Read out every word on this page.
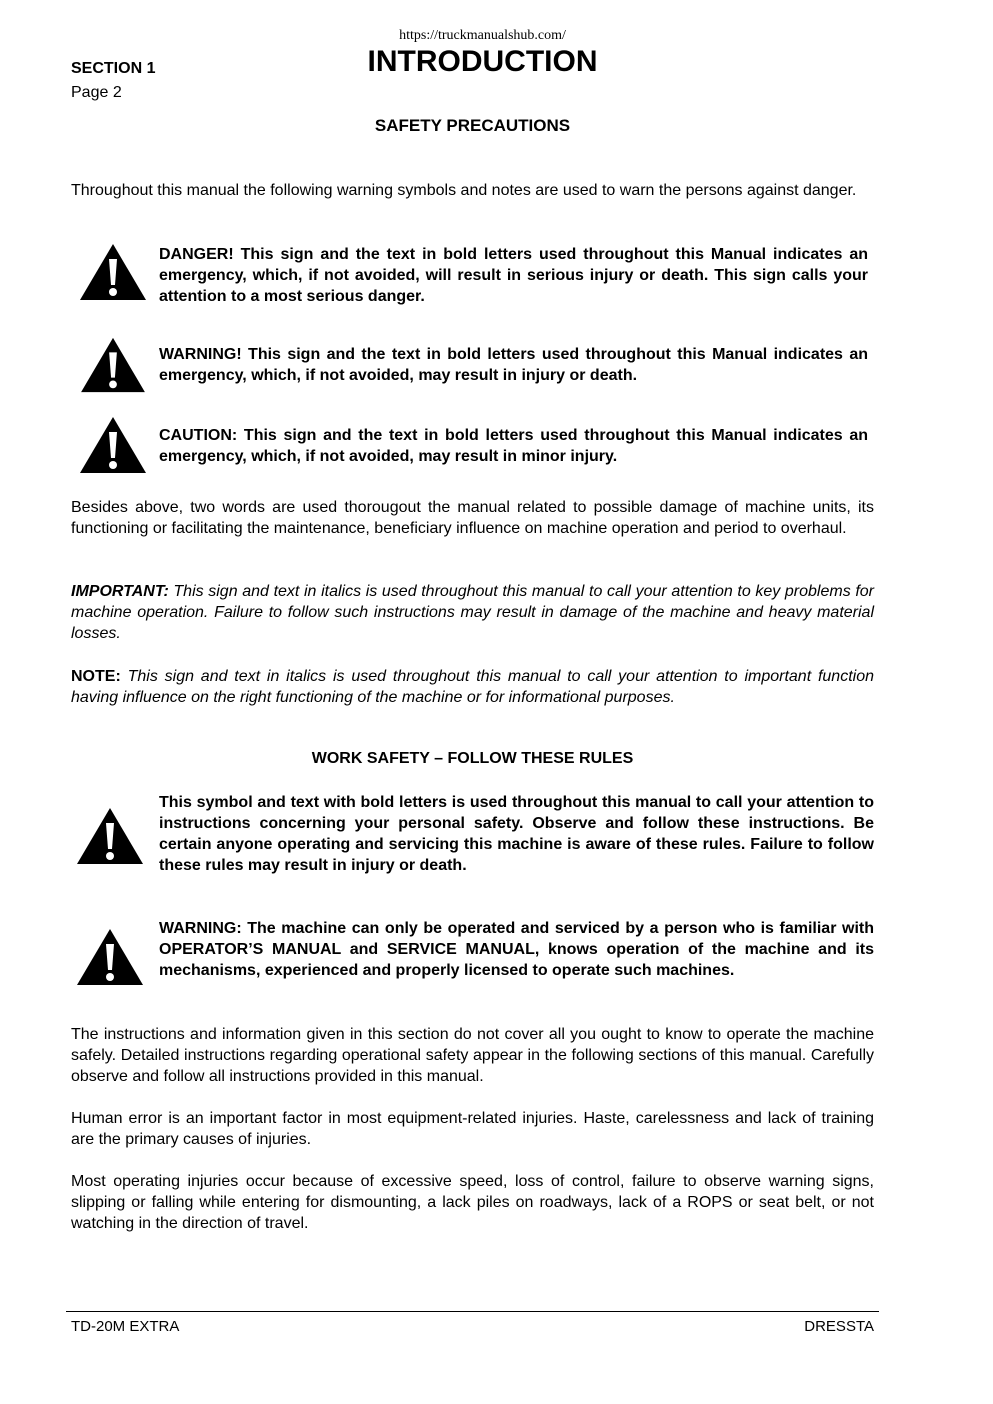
https://truckmanualshub.com/
SECTION 1
Page 2
INTRODUCTION
SAFETY PRECAUTIONS

Throughout this manual the following warning symbols and notes are used to warn the persons against danger.

DANGER! This sign and the text in bold letters used throughout this Manual indicates an emergency, which, if not avoided, will result in serious injury or death. This sign calls your attention to a most serious danger.

WARNING! This sign and the text in bold letters used throughout this Manual indicates an emergency, which, if not avoided, may result in injury or death.

CAUTION: This sign and the text in bold letters used throughout this Manual indicates an emergency, which, if not avoided, may result in minor injury.

Besides above, two words are used thorougout the manual related to possible damage of machine units, its functioning or facilitating the maintenance, beneficiary influence on machine operation and period to overhaul.

IMPORTANT: This sign and text in italics is used throughout this manual to call your attention to key problems for machine operation. Failure to follow such instructions may result in damage of the machine and heavy material losses.

NOTE: This sign and text in italics is used throughout this manual to call your attention to important function having influence on the right functioning of the machine or for informational purposes.

WORK SAFETY – FOLLOW THESE RULES

This symbol and text with bold letters is used throughout this manual to call your attention to instructions concerning your personal safety. Observe and follow these instructions. Be certain anyone operating and servicing this machine is aware of these rules. Failure to follow these rules may result in injury or death.

WARNING: The machine can only be operated and serviced by a person who is familiar with OPERATOR’S MANUAL and SERVICE MANUAL, knows operation of the machine and its mechanisms, experienced and properly licensed to operate such machines.

The instructions and information given in this section do not cover all you ought to know to operate the machine safely. Detailed instructions regarding operational safety appear in the following sections of this manual. Carefully observe and follow all instructions provided in this manual.

Human error is an important factor in most equipment-related injuries. Haste, carelessness and lack of training are the primary causes of injuries.

Most operating injuries occur because of excessive speed, loss of control, failure to observe warning signs, slipping or falling while entering for dismounting, a lack piles on roadways, lack of a ROPS or seat belt, or not watching in the direction of travel.

TD-20M EXTRA	DRESSTA
